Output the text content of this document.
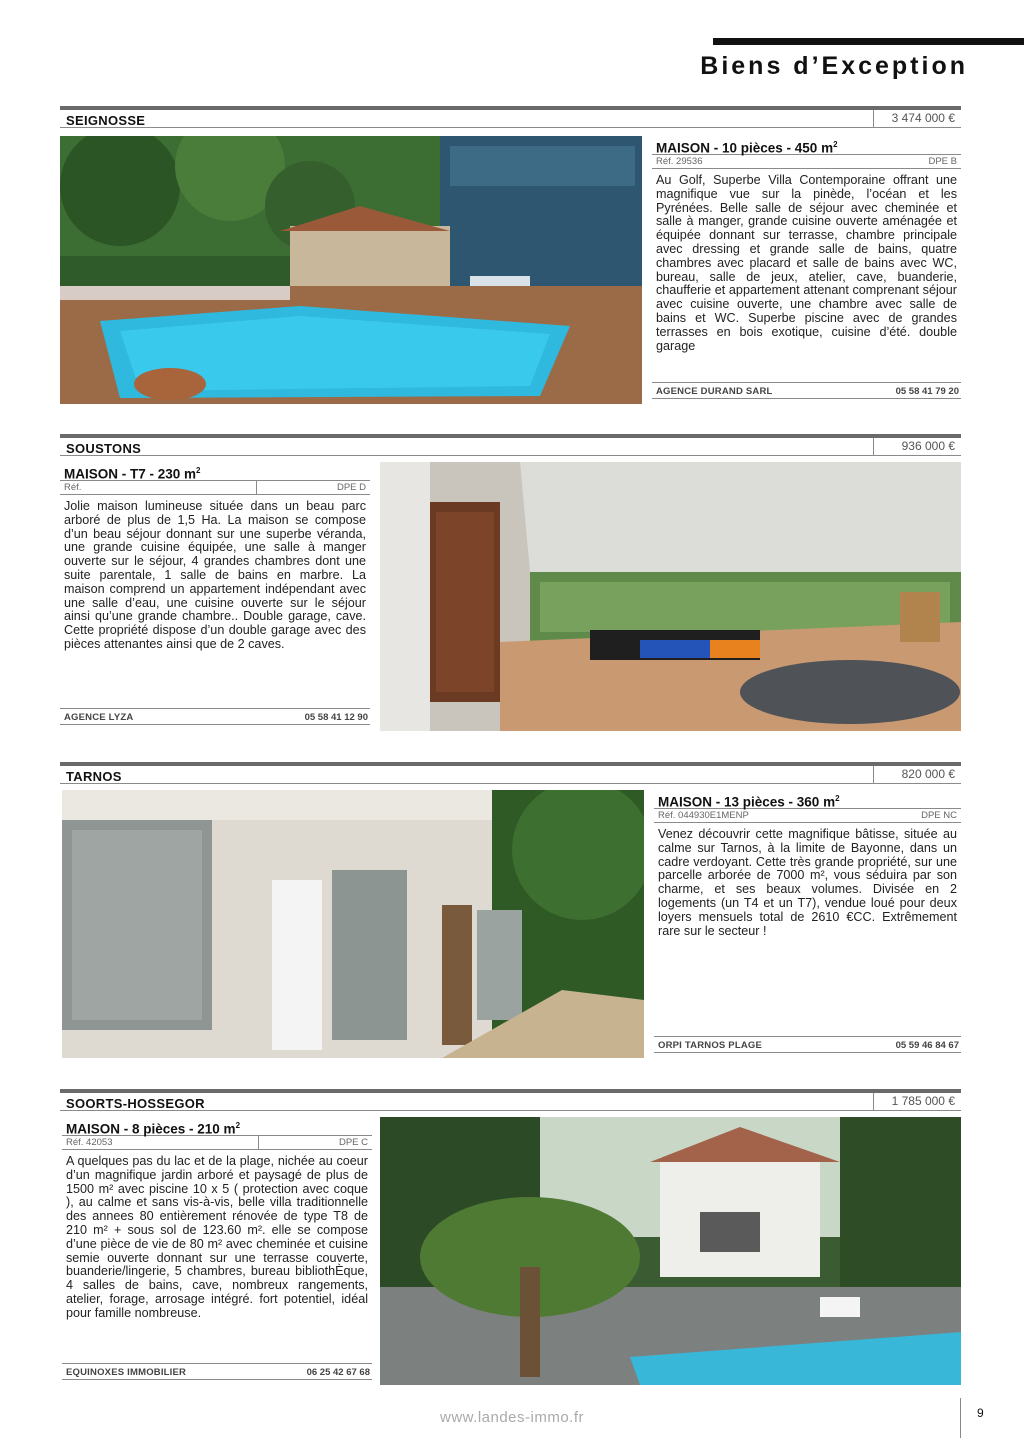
Biens d’Exception
SEIGNOSSE	3 474 000 €
MAISON - 10 pièces - 450 $m^2$
Réf. 29536	DPE B
Au Golf, Superbe Villa Contemporaine offrant une magnifique vue sur la pinède, l’océan et les Pyrénées. Belle salle de séjour avec cheminée et salle à manger, grande cuisine ouverte aménagée et équipée donnant sur terrasse, chambre principale avec dressing et grande salle de bains, quatre chambres avec placard et salle de bains avec WC, bureau, salle de jeux, atelier, cave, buanderie, chaufferie et appartement attenant comprenant séjour avec cuisine ouverte, une chambre avec salle de bains et WC. Superbe piscine avec de grandes terrasses en bois exotique, cuisine d’été. double garage
AGENCE DURAND SARL	05 58 41 79 20
SOUSTONS	936 000 €
MAISON - T7 - 230 $m^2$
Réf.	DPE D
Jolie maison lumineuse située dans un beau parc arboré de plus de 1,5 Ha. La maison se compose d’un beau séjour donnant sur une superbe véranda, une grande cuisine équipée, une salle à manger ouverte sur le séjour, 4 grandes chambres dont une suite parentale, 1 salle de bains en marbre. La maison comprend un appartement indépendant avec une salle d’eau, une cuisine ouverte sur le séjour ainsi qu’une grande chambre.. Double garage, cave. Cette propriété dispose d’un double garage avec des pièces attenantes ainsi que de 2 caves.
AGENCE LYZA	05 58 41 12 90
TARNOS	820 000 €
MAISON - 13 pièces - 360 $m^2$
Réf. 044930E1MENP	DPE NC
Venez découvrir cette magnifique bâtisse, située au calme sur Tarnos, à la limite de Bayonne, dans un cadre verdoyant. Cette très grande propriété, sur une parcelle arborée de 7000 m², vous séduira par son charme, et ses beaux volumes. Divisée en 2 logements (un T4 et un T7), vendue loué pour deux loyers mensuels total de 2610 €CC. Extrêmement rare sur le secteur !
ORPI TARNOS PLAGE	05 59 46 84 67
SOORTS-HOSSEGOR	1 785 000 €
MAISON - 8 pièces - 210 $m^2$
Réf. 42053	DPE C
A quelques pas du lac et de la plage, nichée au coeur d’un magnifique jardin arboré et paysagé de plus de 1500 m² avec piscine 10 x 5 ( protection avec coque ), au calme et sans vis-à-vis, belle villa traditionnelle des annees 80 entièrement rénovée de type T8 de 210 m² + sous sol de 123.60 m². elle se compose d’une pièce de vie de 80 m² avec cheminée et cuisine semie ouverte donnant sur une terrasse couverte, buanderie/lingerie, 5 chambres, bureau bibliothÈque, 4 salles de bains, cave, nombreux rangements, atelier, forage, arrosage intégré. fort potentiel, idéal pour famille nombreuse.
EQUINOXES IMMOBILIER	06 25 42 67 68
www.landes-immo.fr	9
